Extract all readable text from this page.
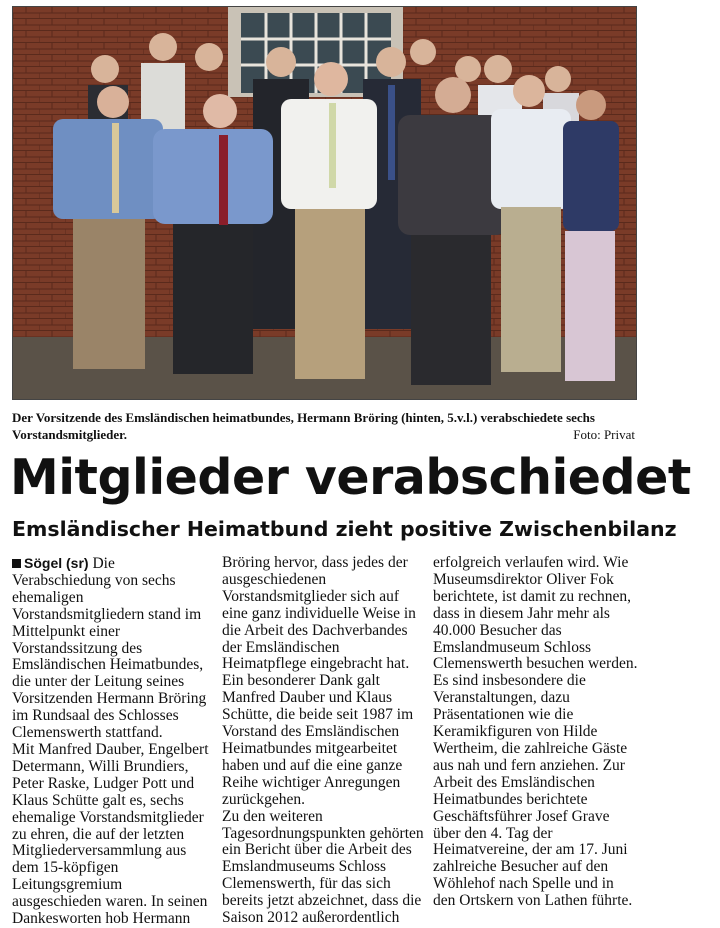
Der Vorsitzende des Emsländischen heimatbundes, Hermann Bröring (hinten, 5.v.l.) verabschiedete sechs Vorstandsmitglieder.	Foto: Privat
Mitglieder verabschiedet
Emsländischer Heimatbund zieht positive Zwischenbilanz

Sögel (sr) Die Verabschiedung von sechs ehemaligen Vorstandsmitgliedern stand im Mittelpunkt einer Vorstandssitzung des Emsländischen Heimatbundes, die unter der Leitung seines Vorsitzenden Hermann Bröring im Rundsaal des Schlosses Clemenswerth stattfand.

Mit Manfred Dauber, Engelbert Determann, Willi Brundiers, Peter Raske, Ludger Pott und Klaus Schütte galt es, sechs ehemalige Vorstandsmitglieder zu ehren, die auf der letzten Mitgliederversammlung aus dem 15-köpfigen Leitungsgremium ausgeschieden waren. In seinen Dankesworten hob Hermann

Bröring hervor, dass jedes der ausgeschiedenen Vorstandsmitglieder sich auf eine ganz individuelle Weise in die Arbeit des Dachverbandes der Emsländischen Heimatpflege eingebracht hat. Ein besonderer Dank galt Manfred Dauber und Klaus Schütte, die beide seit 1987 im Vorstand des Emsländischen Heimatbundes mitgearbeitet haben und auf die eine ganze Reihe wichtiger Anregungen zurückgehen.

Zu den weiteren Tagesordnungspunkten gehörten ein Bericht über die Arbeit des Emslandmuseums Schloss Clemenswerth, für das sich bereits jetzt abzeichnet, dass die Saison 2012 außerordentlich

erfolgreich verlaufen wird. Wie Museumsdirektor Oliver Fok berichtete, ist damit zu rechnen, dass in diesem Jahr mehr als 40.000 Besucher das Emslandmuseum Schloss Clemenswerth besuchen werden. Es sind insbesondere die Veranstaltungen, dazu Präsentationen wie die Keramikfiguren von Hilde Wertheim, die zahlreiche Gäste aus nah und fern anziehen. Zur Arbeit des Emsländischen Heimatbundes berichtete Geschäftsführer Josef Grave über den 4. Tag der Heimatvereine, der am 17. Juni zahlreiche Besucher auf den Wöhlehof nach Spelle und in den Ortskern von Lathen führte.
